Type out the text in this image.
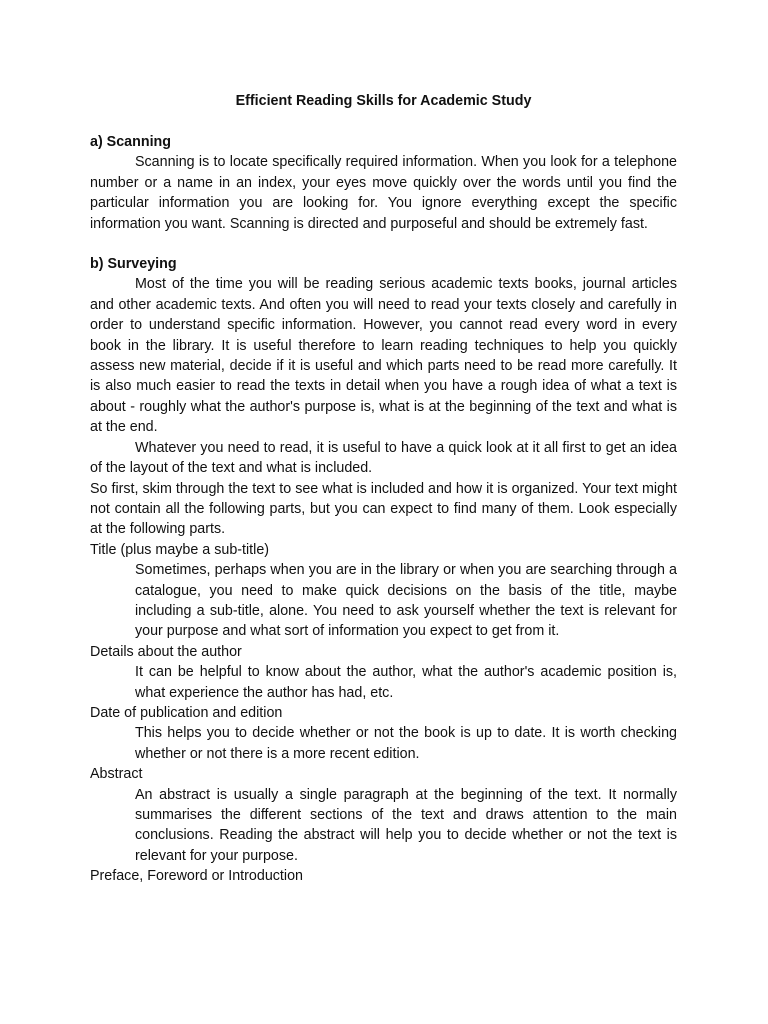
Efficient Reading Skills for Academic Study
a) Scanning

Scanning is to locate specifically required information. When you look for a telephone number or a name in an index, your eyes move quickly over the words until you find the particular information you are looking for. You ignore everything except the specific information you want. Scanning is directed and purposeful and should be extremely fast.

b) Surveying

Most of the time you will be reading serious academic texts books, journal articles and other academic texts. And often you will need to read your texts closely and carefully in order to understand specific information. However, you cannot read every word in every book in the library. It is useful therefore to learn reading techniques to help you quickly assess new material, decide if it is useful and which parts need to be read more carefully. It is also much easier to read the texts in detail when you have a rough idea of what a text is about - roughly what the author's purpose is, what is at the beginning of the text and what is at the end.

Whatever you need to read, it is useful to have a quick look at it all first to get an idea of the layout of the text and what is included.

So first, skim through the text to see what is included and how it is organized. Your text might not contain all the following parts, but you can expect to find many of them. Look especially at the following parts.

Title (plus maybe a sub-title)

Sometimes, perhaps when you are in the library or when you are searching through a catalogue, you need to make quick decisions on the basis of the title, maybe including a sub-title, alone. You need to ask yourself whether the text is relevant for your purpose and what sort of information you expect to get from it.

Details about the author

It can be helpful to know about the author, what the author's academic position is, what experience the author has had, etc.

Date of publication and edition

This helps you to decide whether or not the book is up to date. It is worth checking whether or not there is a more recent edition.

Abstract

An abstract is usually a single paragraph at the beginning of the text. It normally summarises the different sections of the text and draws attention to the main conclusions. Reading the abstract will help you to decide whether or not the text is relevant for your purpose.

Preface, Foreword or Introduction
